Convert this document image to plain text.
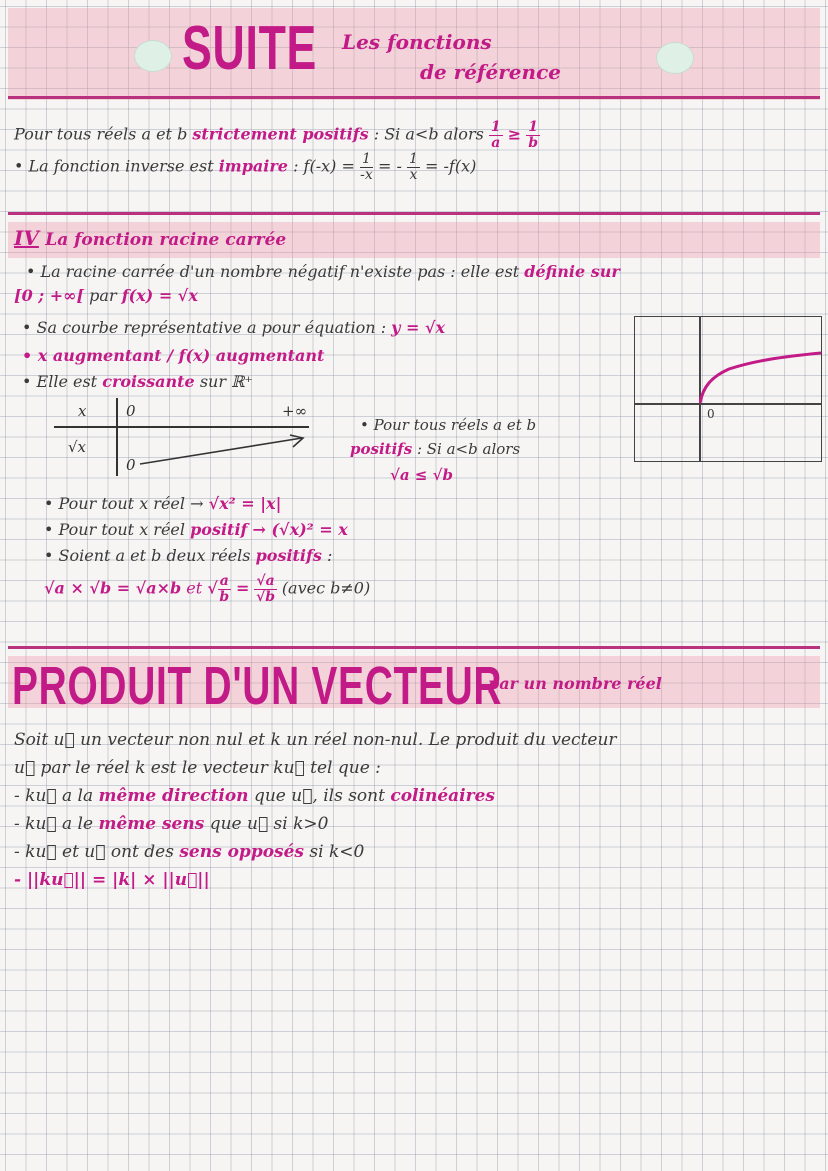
SUITE Les fonctions
de référence
Pour tous réels a et b strictement positifs : Si a<b alors $\frac{1}{a} \ge \frac{1}{b}$
• La fonction inverse est impaire : $f(-x) = \frac{1}{-x}$ = - $\frac{1}{x} = -f(x)$
IV La fonction racine carrée
• La racine carrée d'un nombre négatif n'existe pas : elle est définie sur
[0 ; +∞[ par f(x) = √x
• Sa courbe représentative a pour équation : y = √x
• x augmentant / f(x) augmentant
• Elle est croissante sur ℝ⁺
x	0	+∞
√x
0
• Pour tous réels a et b
positifs : Si a<b alors
√a ≤ √b
0
• Pour tout x réel → √x² = |x|
• Pour tout x réel positif → (√x)² = x
• Soient a et b deux réels positifs :
√a × √b = √a×b et √ $\frac{a}{b} = \frac{√a}{√b}$ (avec b≠0)
PRODUIT D'UN VECTEUR
par un nombre réel
Soit u⃗ un vecteur non nul et k un réel non-nul. Le produit du vecteur
u⃗ par le réel k est le vecteur ku⃗ tel que :
- ku⃗ a la même direction que u⃗, ils sont colinéaires
- ku⃗ a le même sens que u⃗ si k>0
- ku⃗ et u⃗ ont des sens opposés si k<0
- ||ku⃗|| = |k| × ||u⃗||
